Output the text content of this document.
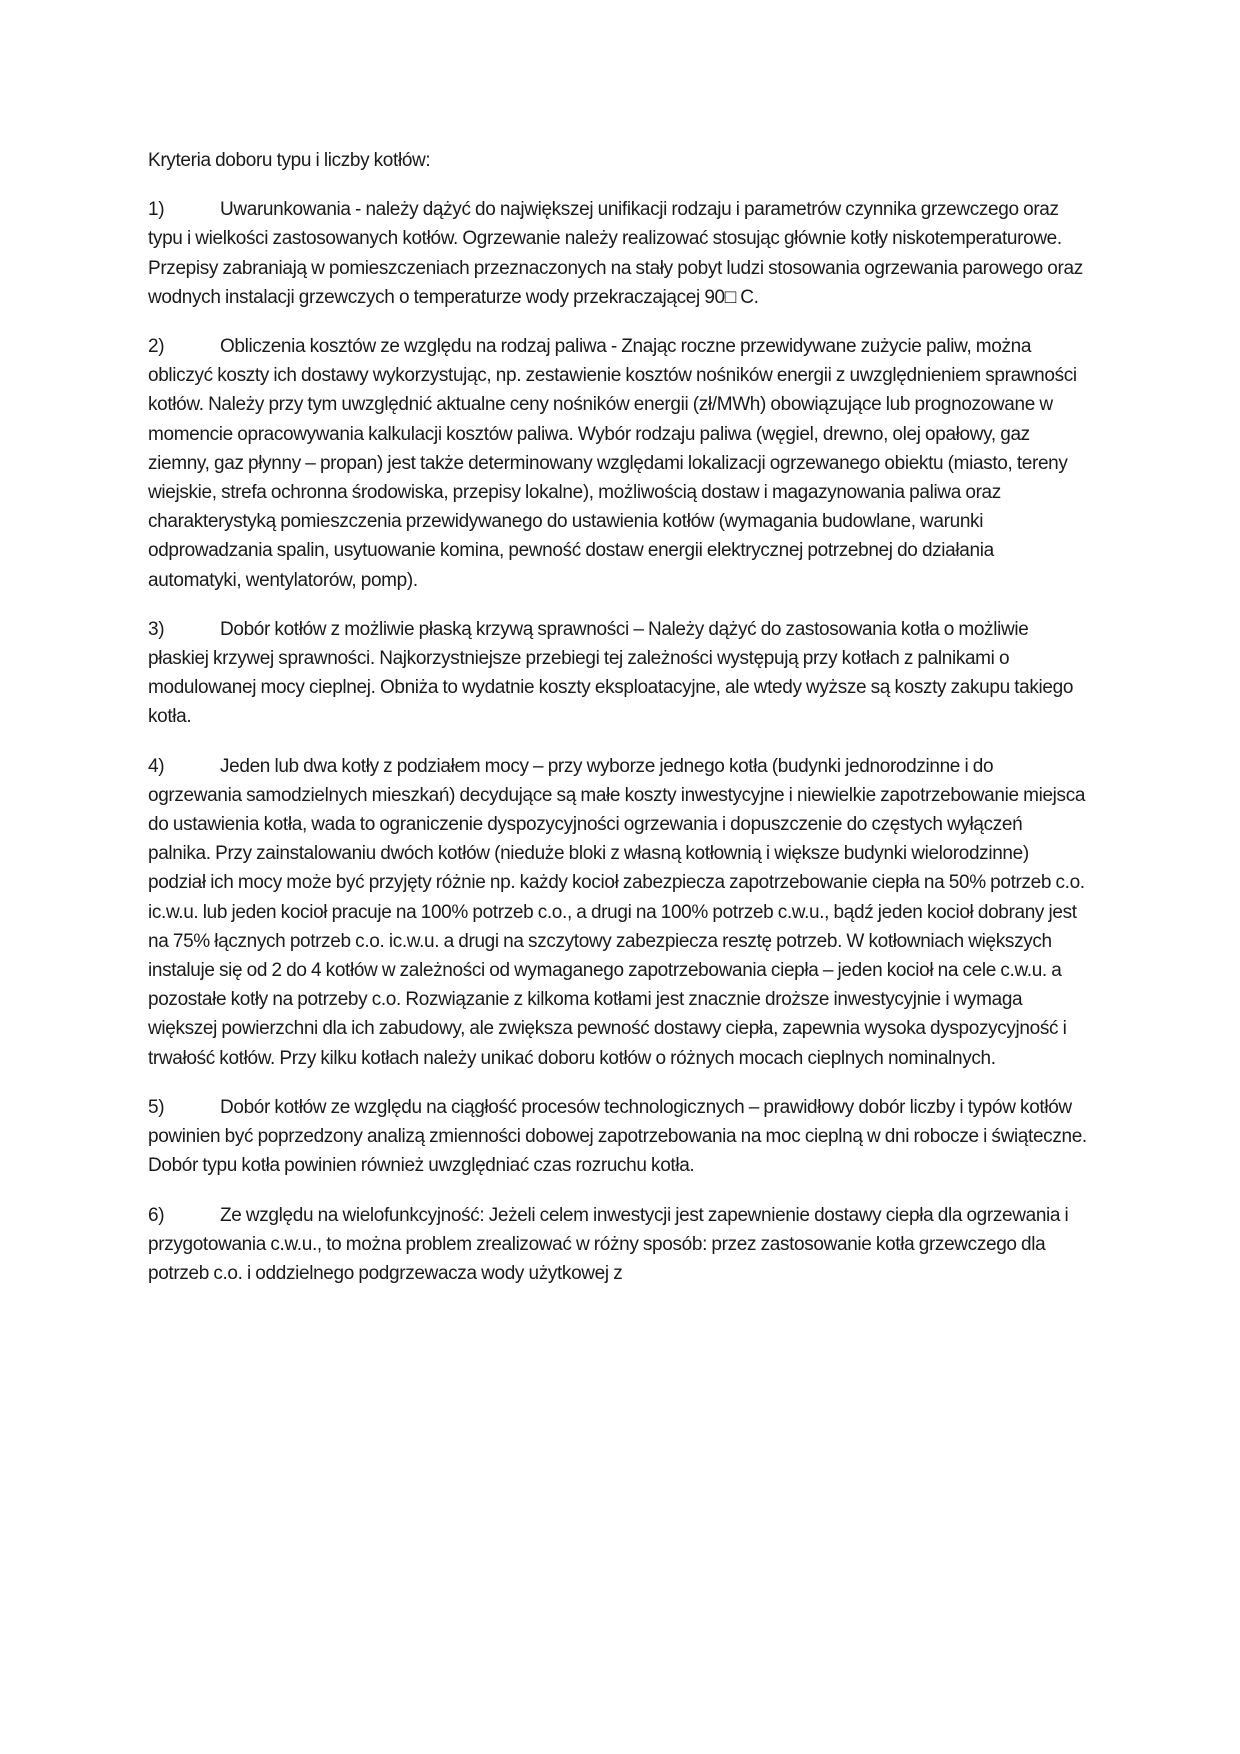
Kryteria doboru typu i liczby kotłów:

1)	Uwarunkowania - należy dążyć do największej unifikacji rodzaju i parametrów czynnika grzewczego oraz typu i wielkości zastosowanych kotłów. Ogrzewanie należy realizować stosując głównie kotły niskotemperaturowe. Przepisy zabraniają w pomieszczeniach przeznaczonych na stały pobyt ludzi stosowania ogrzewania parowego oraz wodnych instalacji grzewczych o temperaturze wody przekraczającej 90□ C.

2)	Obliczenia kosztów ze względu na rodzaj paliwa - Znając roczne przewidywane zużycie paliw, można obliczyć koszty ich dostawy wykorzystując, np. zestawienie kosztów nośników energii z uwzględnieniem sprawności kotłów. Należy przy tym uwzględnić aktualne ceny nośników energii (zł/MWh) obowiązujące lub prognozowane w momencie opracowywania kalkulacji kosztów paliwa. Wybór rodzaju paliwa (węgiel, drewno, olej opałowy, gaz ziemny, gaz płynny – propan) jest także determinowany względami lokalizacji ogrzewanego obiektu (miasto, tereny wiejskie, strefa ochronna środowiska, przepisy lokalne), możliwością dostaw i magazynowania paliwa oraz charakterystyką pomieszczenia przewidywanego do ustawienia kotłów (wymagania budowlane, warunki odprowadzania spalin, usytuowanie komina, pewność dostaw energii elektrycznej potrzebnej do działania automatyki, wentylatorów, pomp).

3)	Dobór kotłów z możliwie płaską krzywą sprawności – Należy dążyć do zastosowania kotła o możliwie płaskiej krzywej sprawności. Najkorzystniejsze przebiegi tej zależności występują przy kotłach z palnikami o modulowanej mocy cieplnej. Obniża to wydatnie koszty eksploatacyjne, ale wtedy wyższe są koszty zakupu takiego kotła.

4)	Jeden lub dwa kotły z podziałem mocy – przy wyborze jednego kotła (budynki jednorodzinne i do ogrzewania samodzielnych mieszkań) decydujące są małe koszty inwestycyjne i niewielkie zapotrzebowanie miejsca do ustawienia kotła, wada to ograniczenie dyspozycyjności ogrzewania i dopuszczenie do częstych wyłączeń palnika. Przy zainstalowaniu dwóch kotłów (nieduże bloki z własną kotłownią i większe budynki wielorodzinne) podział ich mocy może być przyjęty różnie np. każdy kocioł zabezpiecza zapotrzebowanie ciepła na 50% potrzeb c.o. ic.w.u. lub jeden kocioł pracuje na 100% potrzeb c.o., a drugi na 100% potrzeb c.w.u., bądź jeden kocioł dobrany jest na 75% łącznych potrzeb c.o. ic.w.u. a drugi na szczytowy zabezpiecza resztę potrzeb. W kotłowniach większych instaluje się od 2 do 4 kotłów w zależności od wymaganego zapotrzebowania ciepła – jeden kocioł na cele c.w.u. a pozostałe kotły na potrzeby c.o. Rozwiązanie z kilkoma kotłami jest znacznie droższe inwestycyjnie i wymaga większej powierzchni dla ich zabudowy, ale zwiększa pewność dostawy ciepła, zapewnia wysoka dyspozycyjność i trwałość kotłów. Przy kilku kotłach należy unikać doboru kotłów o różnych mocach cieplnych nominalnych.

5)	Dobór kotłów ze względu na ciągłość procesów technologicznych – prawidłowy dobór liczby i typów kotłów powinien być poprzedzony analizą zmienności dobowej zapotrzebowania na moc cieplną w dni robocze i świąteczne. Dobór typu kotła powinien również uwzględniać czas rozruchu kotła.

6)	Ze względu na wielofunkcyjność: Jeżeli celem inwestycji jest zapewnienie dostawy ciepła dla ogrzewania i przygotowania c.w.u., to można problem zrealizować w różny sposób: przez zastosowanie kotła grzewczego dla potrzeb c.o. i oddzielnego podgrzewacza wody użytkowej z
